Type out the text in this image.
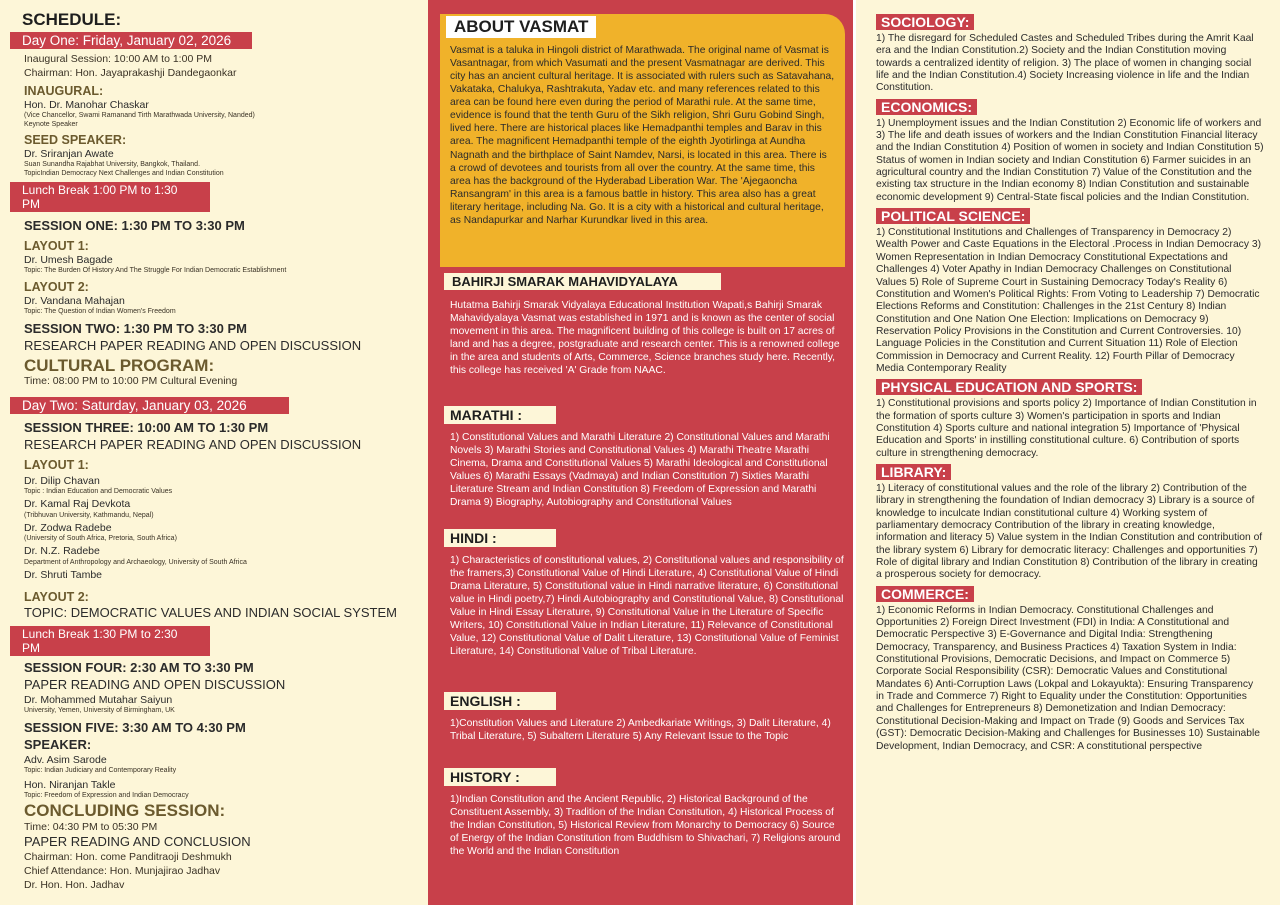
SCHEDULE:
Day One: Friday, January 02, 2026
Inaugural Session: 10:00 AM to 1:00 PM
Chairman: Hon. Jayaprakashji Dandegaonkar
INAUGURAL:
Hon. Dr. Manohar Chaskar
(Vice Chancellor, Swami Ramanand Tirth Marathwada University, Nanded)
Keynote Speaker
SEED SPEAKER:
Dr. Sriranjan Awate
Suan Sunandha Rajabhat University, Bangkok, Thailand.
TopicIndian Democracy Next Challenges and Indian Constitution
Lunch Break 1:00 PM to 1:30 PM
SESSION ONE: 1:30 PM TO 3:30 PM
LAYOUT 1:
Dr. Umesh Bagade
Topic: The Burden Of History And The Struggle For Indian Democratic Establishment
LAYOUT 2:
Dr. Vandana Mahajan
Topic: The Question of Indian Women's Freedom
SESSION TWO: 1:30 PM TO 3:30 PM
RESEARCH PAPER READING AND OPEN DISCUSSION
CULTURAL PROGRAM:
Time: 08:00 PM to 10:00 PM Cultural Evening
Day Two: Saturday, January 03, 2026
SESSION THREE: 10:00 AM TO 1:30 PM
RESEARCH PAPER READING AND OPEN DISCUSSION
LAYOUT 1:
Dr. Dilip Chavan
Topic : Indian Education and Democratic Values
Dr. Kamal Raj Devkota
(Tribhuvan University, Kathmandu, Nepal)
Dr. Zodwa Radebe
(University of South Africa, Pretoria, South Africa)
Dr. N.Z. Radebe
Department of Anthropology and Archaeology, University of South Africa
Dr. Shruti Tambe
LAYOUT 2:
TOPIC: DEMOCRATIC VALUES AND INDIAN SOCIAL SYSTEM
Lunch Break 1:30 PM to 2:30 PM
SESSION FOUR: 2:30 AM TO 3:30 PM
PAPER READING AND OPEN DISCUSSION
Dr. Mohammed Mutahar Saiyun
University, Yemen, University of Birmingham, UK
SESSION FIVE: 3:30 AM TO 4:30 PM
SPEAKER:
Adv. Asim Sarode
Topic: Indian Judiciary and Contemporary Reality
Hon. Niranjan Takle
Topic: Freedom of Expression and Indian Democracy
CONCLUDING SESSION:
Time: 04:30 PM to 05:30 PM
PAPER READING AND CONCLUSION
Chairman: Hon. come Panditraoji Deshmukh
Chief Attendance: Hon. Munjajirao Jadhav
Dr. Hon. Hon. Jadhav
Vasmat is a taluka in Hingoli district of Marathwada. The original name of Vasmat is Vasantnagar, from which Vasumati and the present Vasmatnagar are derived. This city has an ancient cultural heritage. It is associated with rulers such as Satavahana, Vakataka, Chalukya, Rashtrakuta, Yadav etc. and many references related to this area can be found here even during the period of Marathi rule. At the same time, evidence is found that the tenth Guru of the Sikh religion, Shri Guru Gobind Singh, lived here. There are historical places like Hemadpanthi temples and Barav in this area. The magnificent Hemadpanthi temple of the eighth Jyotirlinga at Aundha Nagnath and the birthplace of Saint Namdev, Narsi, is located in this area. There is a crowd of devotees and tourists from all over the country. At the same time, this area has the background of the Hyderabad Liberation War. The 'Ajegaoncha Ransangram' in this area is a famous battle in history. This area also has a great literary heritage, including Na. Go. It is a city with a historical and cultural heritage, as Nandapurkar and Narhar Kurundkar lived in this area.
ABOUT VASMAT
BAHIRJI SMARAK MAHAVIDYALAYA
Hutatma Bahirji Smarak Vidyalaya Educational Institution Wapati,s Bahirji Smarak Mahavidyalaya Vasmat was established in 1971 and is known as the center of social movement in this area. The magnificent building of this college is built on 17 acres of land and has a degree, postgraduate and research center. This is a renowned college in the area and students of Arts, Commerce, Science branches study here. Recently, this college has received 'A' Grade from NAAC.
MARATHI :
1) Constitutional Values and Marathi Literature 2) Constitutional Values and Marathi Novels 3) Marathi Stories and Constitutional Values 4) Marathi Theatre Marathi Cinema, Drama and Constitutional Values 5) Marathi Ideological and Constitutional Values 6) Marathi Essays (Vadmaya) and Indian Constitution 7) Sixties Marathi Literature Stream and Indian Constitution 8) Freedom of Expression and Marathi Drama 9) Biography, Autobiography and Constitutional Values
HINDI :
1) Characteristics of constitutional values, 2) Constitutional values and responsibility of the framers,3) Constitutional Value of Hindi Literature, 4) Constitutional Value of Hindi Drama Literature, 5) Constitutional value in Hindi narrative literature, 6) Constitutional value in Hindi poetry,7) Hindi Autobiography and Constitutional Value, 8) Constitutional Value in Hindi Essay Literature, 9) Constitutional Value in the Literature of Specific Writers, 10) Constitutional Value in Indian Literature, 11) Relevance of Constitutional Value, 12) Constitutional Value of Dalit Literature, 13) Constitutional Value of Feminist Literature, 14) Constitutional Value of Tribal Literature.
ENGLISH :
1)Constitution Values and Literature 2) Ambedkariate Writings, 3) Dalit Literature, 4) Tribal Literature, 5) Subaltern Literature 5) Any Relevant Issue to the Topic
HISTORY :
1)Indian Constitution and the Ancient Republic, 2) Historical Background of the Constituent Assembly, 3) Tradition of the Indian Constitution, 4) Historical Process of the Indian Constitution, 5) Historical Review from Monarchy to Democracy 6) Source of Energy of the Indian Constitution from Buddhism to Shivachari, 7) Religions around the World and the Indian Constitution
SOCIOLOGY:
1) The disregard for Scheduled Castes and Scheduled Tribes during the Amrit Kaal era and the Indian Constitution.2) Society and the Indian Constitution moving towards a centralized identity of religion. 3) The place of women in changing social life and the Indian Constitution.4) Society Increasing violence in life and the Indian Constitution.
ECONOMICS:
1) Unemployment issues and the Indian Constitution 2) Economic life of workers and 3) The life and death issues of workers and the Indian Constitution Financial literacy and the Indian Constitution 4) Position of women in society and Indian Constitution 5) Status of women in Indian society and Indian Constitution 6) Farmer suicides in an agricultural country and the Indian Constitution 7) Value of the Constitution and the existing tax structure in the Indian economy 8) Indian Constitution and sustainable economic development 9) Central-State fiscal policies and the Indian Constitution.
POLITICAL SCIENCE:
1) Constitutional Institutions and Challenges of Transparency in Democracy 2) Wealth Power and Caste Equations in the Electoral .Process in Indian Democracy 3) Women Representation in Indian Democracy Constitutional Expectations and Challenges 4) Voter Apathy in Indian Democracy Challenges on Constitutional Values 5) Role of Supreme Court in Sustaining Democracy Today's Reality 6) Constitution and Women's Political Rights: From Voting to Leadership 7) Democratic Elections Reforms and Constitution: Challenges in the 21st Century 8) Indian Constitution and One Nation One Election: Implications on Democracy 9) Reservation Policy Provisions in the Constitution and Current Controversies. 10) Language Policies in the Constitution and Current Situation 11) Role of Election Commission in Democracy and Current Reality. 12) Fourth Pillar of Democracy Media Contemporary Reality
PHYSICAL EDUCATION AND SPORTS:
1) Constitutional provisions and sports policy 2) Importance of Indian Constitution in the formation of sports culture 3) Women's participation in sports and Indian Constitution 4) Sports culture and national integration 5) Importance of 'Physical Education and Sports' in instilling constitutional culture. 6) Contribution of sports culture in strengthening democracy.
LIBRARY:
1) Literacy of constitutional values and the role of the library 2) Contribution of the library in strengthening the foundation of Indian democracy 3) Library is a source of knowledge to inculcate Indian constitutional culture 4) Working system of parliamentary democracy Contribution of the library in creating knowledge, information and literacy 5) Value system in the Indian Constitution and contribution of the library system 6) Library for democratic literacy: Challenges and opportunities 7) Role of digital library and Indian Constitution 8) Contribution of the library in creating a prosperous society for democracy.
COMMERCE:
1) Economic Reforms in Indian Democracy. Constitutional Challenges and Opportunities 2) Foreign Direct Investment (FDI) in India: A Constitutional and Democratic Perspective 3) E-Governance and Digital India: Strengthening Democracy, Transparency, and Business Practices 4) Taxation System in India: Constitutional Provisions, Democratic Decisions, and Impact on Commerce 5) Corporate Social Responsibility (CSR): Democratic Values and Constitutional Mandates 6) Anti-Corruption Laws (Lokpal and Lokayukta): Ensuring Transparency in Trade and Commerce 7) Right to Equality under the Constitution: Opportunities and Challenges for Entrepreneurs 8) Demonetization and Indian Democracy: Constitutional Decision-Making and Impact on Trade (9) Goods and Services Tax (GST): Democratic Decision-Making and Challenges for Businesses 10) Sustainable Development, Indian Democracy, and CSR: A constitutional perspective
